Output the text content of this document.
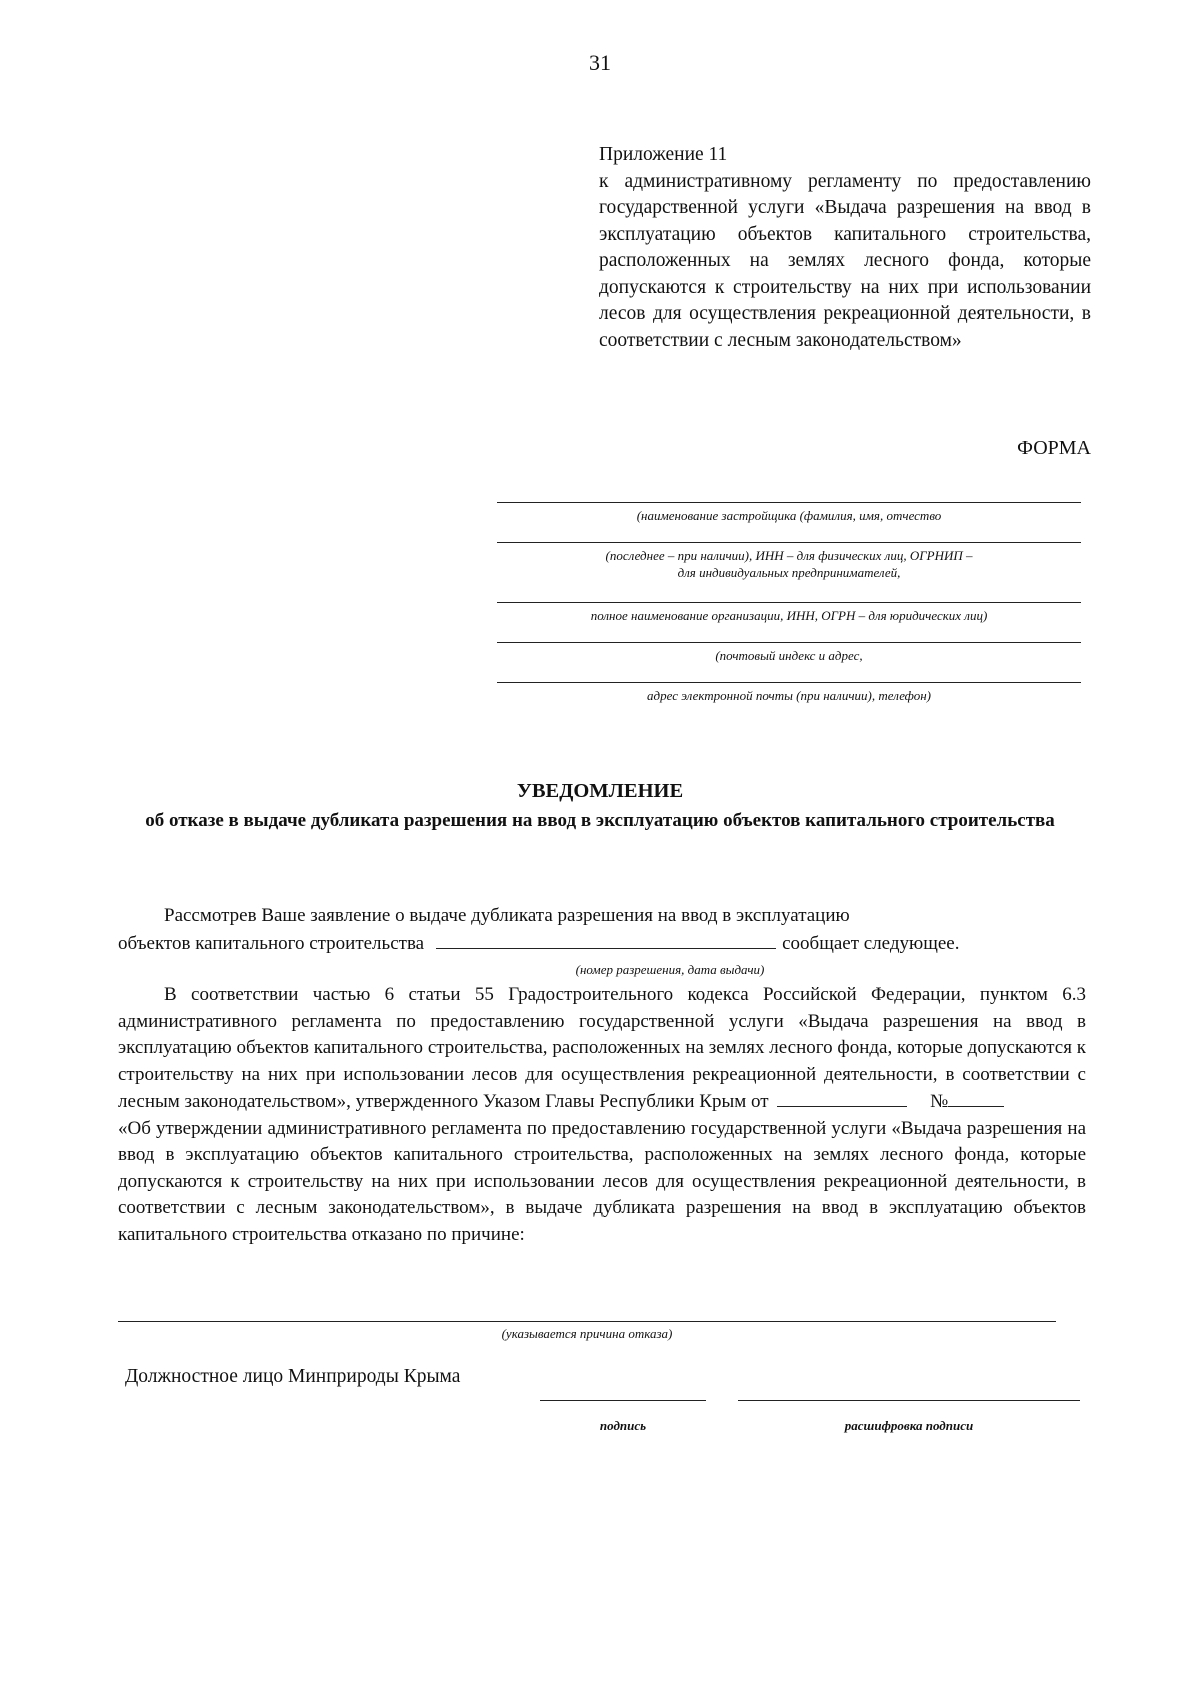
31
Приложение 11
к административному регламенту по предоставлению государственной услуги «Выдача разрешения на ввод в эксплуатацию объектов капитального строительства, расположенных на землях лесного фонда, которые допускаются к строительству на них при использовании лесов для осуществления рекреационной деятельности, в соответствии с лесным законодательством»
ФОРМА
(наименование застройщика (фамилия, имя, отчество
(последнее – при наличии), ИНН – для физических лиц, ОГРНИП –
для индивидуальных предпринимателей,
полное наименование организации, ИНН, ОГРН – для юридических лиц)
(почтовый индекс и адрес,
адрес электронной почты (при наличии), телефон)
УВЕДОМЛЕНИЕ
об отказе в выдаче дубликата разрешения на ввод в эксплуатацию объектов капитального строительства
Рассмотрев Ваше заявление о выдаче дубликата разрешения на ввод в эксплуатацию
объектов капитального строительства	сообщает следующее.
(номер разрешения, дата выдачи)
В соответствии частью 6 статьи 55 Градостроительного кодекса Российской Федерации, пунктом 6.3 административного регламента по предоставлению государственной услуги «Выдача разрешения на ввод в эксплуатацию объектов капитального строительства, расположенных на землях лесного фонда, которые допускаются к строительству на них при использовании лесов для осуществления рекреационной деятельности, в соответствии с лесным законодательством», утвержденного Указом Главы Республики Крым от	№
«Об утверждении административного регламента по предоставлению государственной услуги «Выдача разрешения на ввод в эксплуатацию объектов капитального строительства, расположенных на землях лесного фонда, которые допускаются к строительству на них при использовании лесов для осуществления рекреационной деятельности, в соответствии с лесным законодательством», в выдаче дубликата разрешения на ввод в эксплуатацию объектов капитального строительства отказано по причине:
(указывается причина отказа)
Должностное лицо Минприроды Крыма
подпись	расшифровка подписи
